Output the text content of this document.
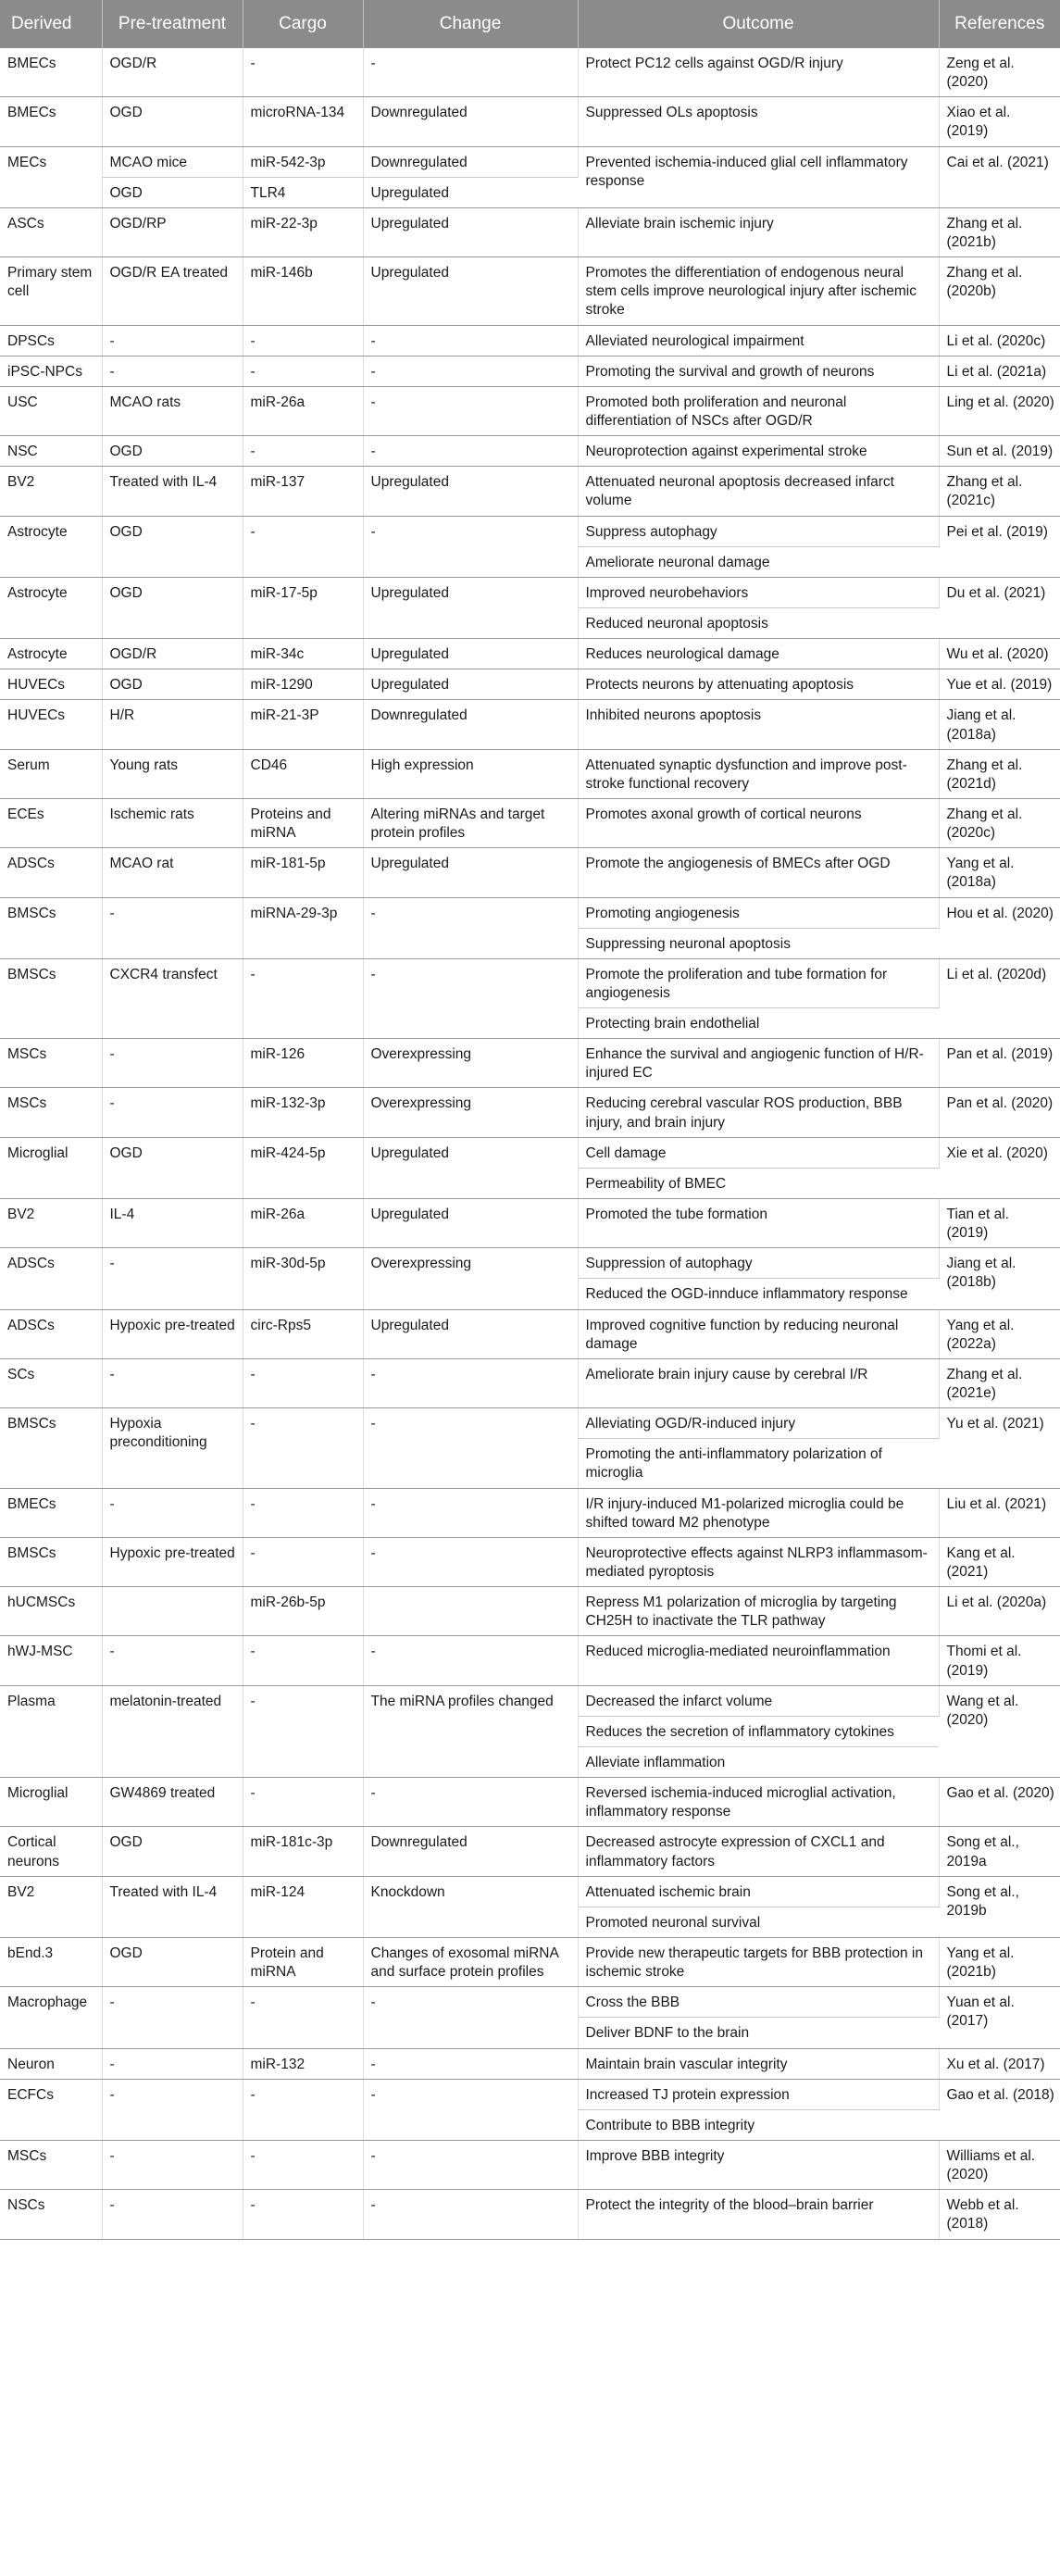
Derived	Pre-treatment	Cargo	Change	Outcome	References
BMECs	OGD/R	-	-	Protect PC12 cells against OGD/R injury	Zeng et al. (2020)
BMECs	OGD	microRNA-134	Downregulated	Suppressed OLs apoptosis	Xiao et al. (2019)
MECs	MCAO mice	miR-542-3p	Downregulated	Prevented ischemia-induced glial cell inflammatory response	Cai et al. (2021)
	OGD	TLR4	Upregulated		
ASCs	OGD/RP	miR-22-3p	Upregulated	Alleviate brain ischemic injury	Zhang et al. (2021b)
Primary stem cell	OGD/R EA treated	miR-146b	Upregulated	Promotes the differentiation of endogenous neural stem cells improve neurological injury after ischemic stroke	Zhang et al. (2020b)
DPSCs	-	-	-	Alleviated neurological impairment	Li et al. (2020c)
iPSC-NPCs	-	-	-	Promoting the survival and growth of neurons	Li et al. (2021a)
USC	MCAO rats	miR-26a	-	Promoted both proliferation and neuronal differentiation of NSCs after OGD/R	Ling et al. (2020)
NSC	OGD	-	-	Neuroprotection against experimental stroke	Sun et al. (2019)
BV2	Treated with IL-4	miR-137	Upregulated	Attenuated neuronal apoptosis decreased infarct volume	Zhang et al. (2021c)
Astrocyte	OGD	-	-	Suppress autophagy	Pei et al. (2019)
				Ameliorate neuronal damage	
Astrocyte	OGD	miR-17-5p	Upregulated	Improved neurobehaviors	Du et al. (2021)
				Reduced neuronal apoptosis	
Astrocyte	OGD/R	miR-34c	Upregulated	Reduces neurological damage	Wu et al. (2020)
HUVECs	OGD	miR-1290	Upregulated	Protects neurons by attenuating apoptosis	Yue et al. (2019)
HUVECs	H/R	miR-21-3P	Downregulated	Inhibited neurons apoptosis	Jiang et al. (2018a)
Serum	Young rats	CD46	High expression	Attenuated synaptic dysfunction and improve post-stroke functional recovery	Zhang et al. (2021d)
ECEs	Ischemic rats	Proteins and miRNA	Altering miRNAs and target protein profiles	Promotes axonal growth of cortical neurons	Zhang et al. (2020c)
ADSCs	MCAO rat	miR-181-5p	Upregulated	Promote the angiogenesis of BMECs after OGD	Yang et al. (2018a)
BMSCs	-	miRNA-29-3p	-	Promoting angiogenesis	Hou et al. (2020)
				Suppressing neuronal apoptosis	
BMSCs	CXCR4 transfect	-	-	Promote the proliferation and tube formation for angiogenesis	Li et al. (2020d)
				Protecting brain endothelial	
MSCs	-	miR-126	Overexpressing	Enhance the survival and angiogenic function of H/R-injured EC	Pan et al. (2019)
MSCs	-	miR-132-3p	Overexpressing	Reducing cerebral vascular ROS production, BBB injury, and brain injury	Pan et al. (2020)
Microglial	OGD	miR-424-5p	Upregulated	Cell damage	Xie et al. (2020)
				Permeability of BMEC	
BV2	IL-4	miR-26a	Upregulated	Promoted the tube formation	Tian et al. (2019)
ADSCs	-	miR-30d-5p	Overexpressing	Suppression of autophagy	Jiang et al. (2018b)
				Reduced the OGD-innduce inflammatory response	
ADSCs	Hypoxic pre-treated	circ-Rps5	Upregulated	Improved cognitive function by reducing neuronal damage	Yang et al. (2022a)
SCs	-	-	-	Ameliorate brain injury cause by cerebral I/R	Zhang et al. (2021e)
BMSCs	Hypoxia preconditioning	-	-	Alleviating OGD/R-induced injury	Yu et al. (2021)
				Promoting the anti-inflammatory polarization of microglia	
BMECs	-	-	-	I/R injury-induced M1-polarized microglia could be shifted toward M2 phenotype	Liu et al. (2021)
BMSCs	Hypoxic pre-treated	-	-	Neuroprotective effects against NLRP3 inflammasom-mediated pyroptosis	Kang et al. (2021)
hUCMSCs		miR-26b-5p		Repress M1 polarization of microglia by targeting CH25H to inactivate the TLR pathway	Li et al. (2020a)
hWJ-MSC	-	-	-	Reduced microglia-mediated neuroinflammation	Thomi et al. (2019)
Plasma	melatonin-treated	-	The miRNA profiles changed	Decreased the infarct volume	Wang et al. (2020)
				Reduces the secretion of inflammatory cytokines	
				Alleviate inflammation	
Microglial	GW4869 treated	-	-	Reversed ischemia-induced microglial activation, inflammatory response	Gao et al. (2020)
Cortical neurons	OGD	miR-181c-3p	Downregulated	Decreased astrocyte expression of CXCL1 and inflammatory factors	Song et al., 2019a
BV2	Treated with IL-4	miR-124	Knockdown	Attenuated ischemic brain	Song et al., 2019b
				Promoted neuronal survival	
bEnd.3	OGD	Protein and miRNA	Changes of exosomal miRNA and surface protein profiles	Provide new therapeutic targets for BBB protection in ischemic stroke	Yang et al. (2021b)
Macrophage	-	-	-	Cross the BBB	Yuan et al. (2017)
				Deliver BDNF to the brain	
Neuron	-	miR-132	-	Maintain brain vascular integrity	Xu et al. (2017)
ECFCs	-	-	-	Increased TJ protein expression	Gao et al. (2018)
				Contribute to BBB integrity	
MSCs	-	-	-	Improve BBB integrity	Williams et al. (2020)
NSCs	-	-	-	Protect the integrity of the blood–brain barrier	Webb et al. (2018)
